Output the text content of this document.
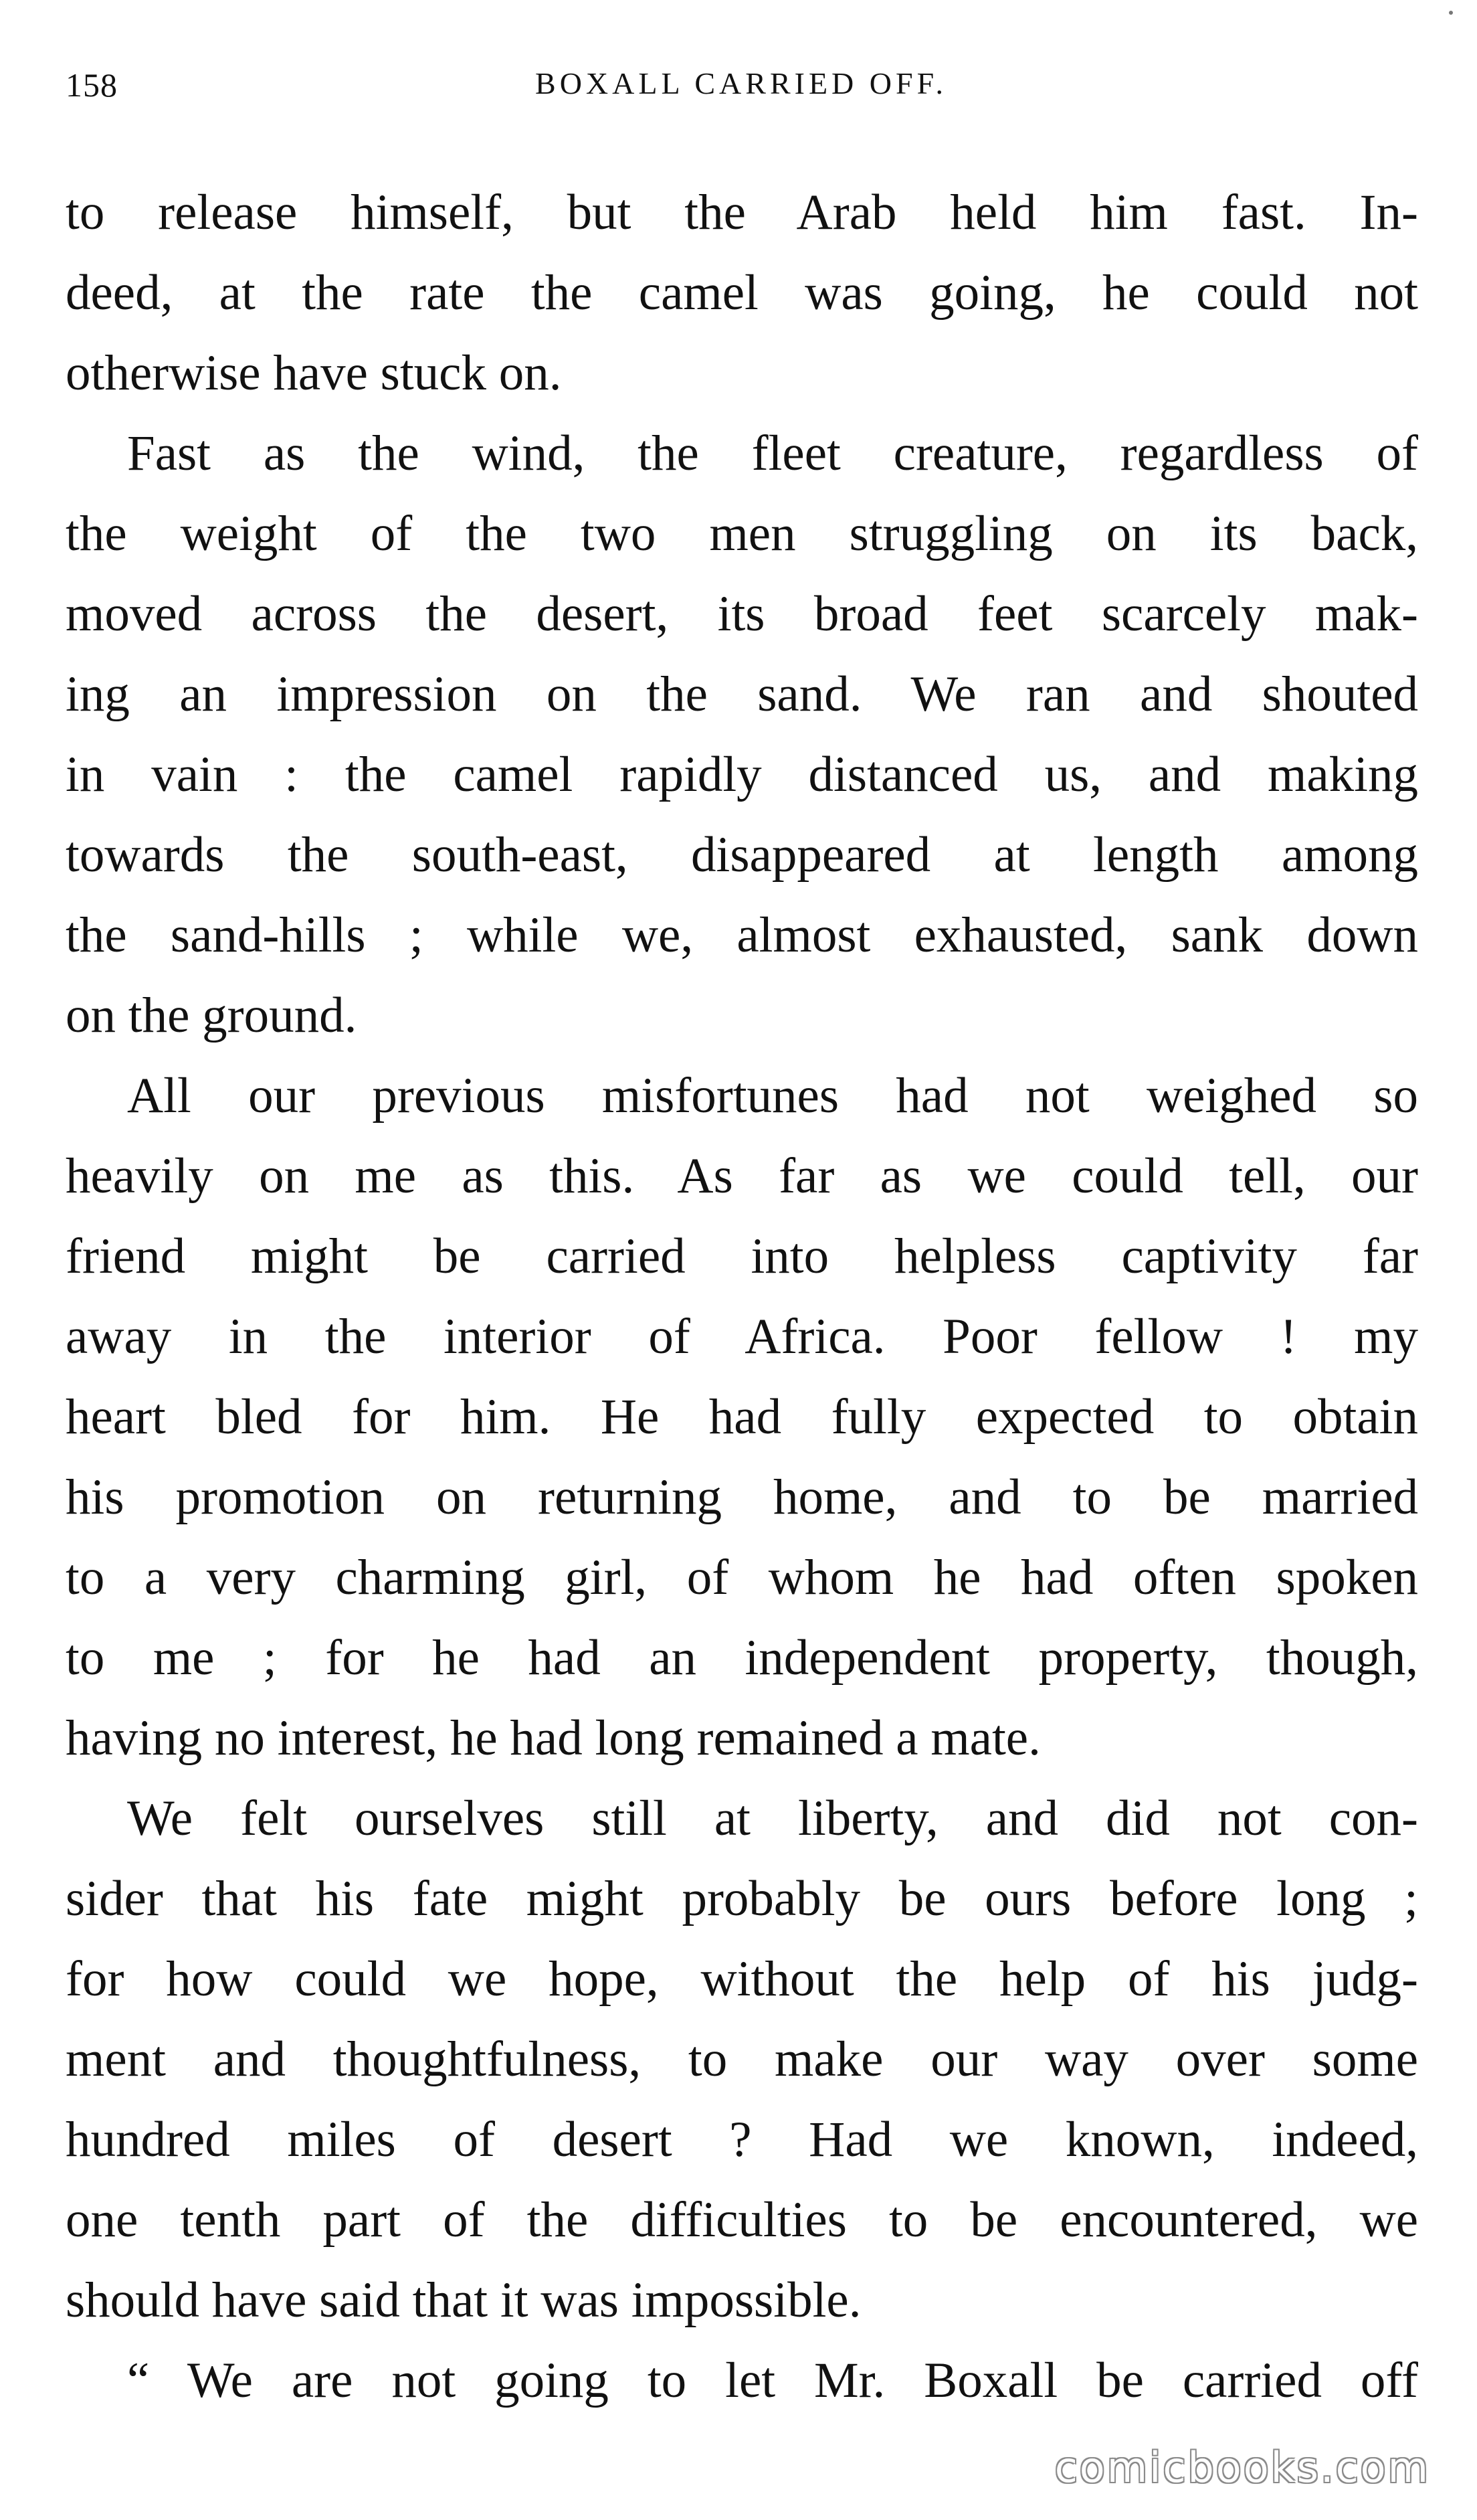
158	BOXALL CARRIED OFF.
to release himself, but the Arab held him fast. In-
deed, at the rate the camel was going, he could not
otherwise have stuck on.
Fast as the wind, the fleet creature, regardless of
the weight of the two men struggling on its back,
moved across the desert, its broad feet scarcely mak-
ing an impression on the sand. We ran and shouted
in vain : the camel rapidly distanced us, and making
towards the south-east, disappeared at length among
the sand-hills ; while we, almost exhausted, sank down
on the ground.
All our previous misfortunes had not weighed so
heavily on me as this. As far as we could tell, our
friend might be carried into helpless captivity far
away in the interior of Africa. Poor fellow ! my
heart bled for him. He had fully expected to obtain
his promotion on returning home, and to be married
to a very charming girl, of whom he had often spoken
to me ; for he had an independent property, though,
having no interest, he had long remained a mate.
We felt ourselves still at liberty, and did not con-
sider that his fate might probably be ours before long ;
for how could we hope, without the help of his judg-
ment and thoughtfulness, to make our way over some
hundred miles of desert ? Had we known, indeed,
one tenth part of the difficulties to be encountered, we
should have said that it was impossible.
“ We are not going to let Mr. Boxall be carried off
comicbooks.com
